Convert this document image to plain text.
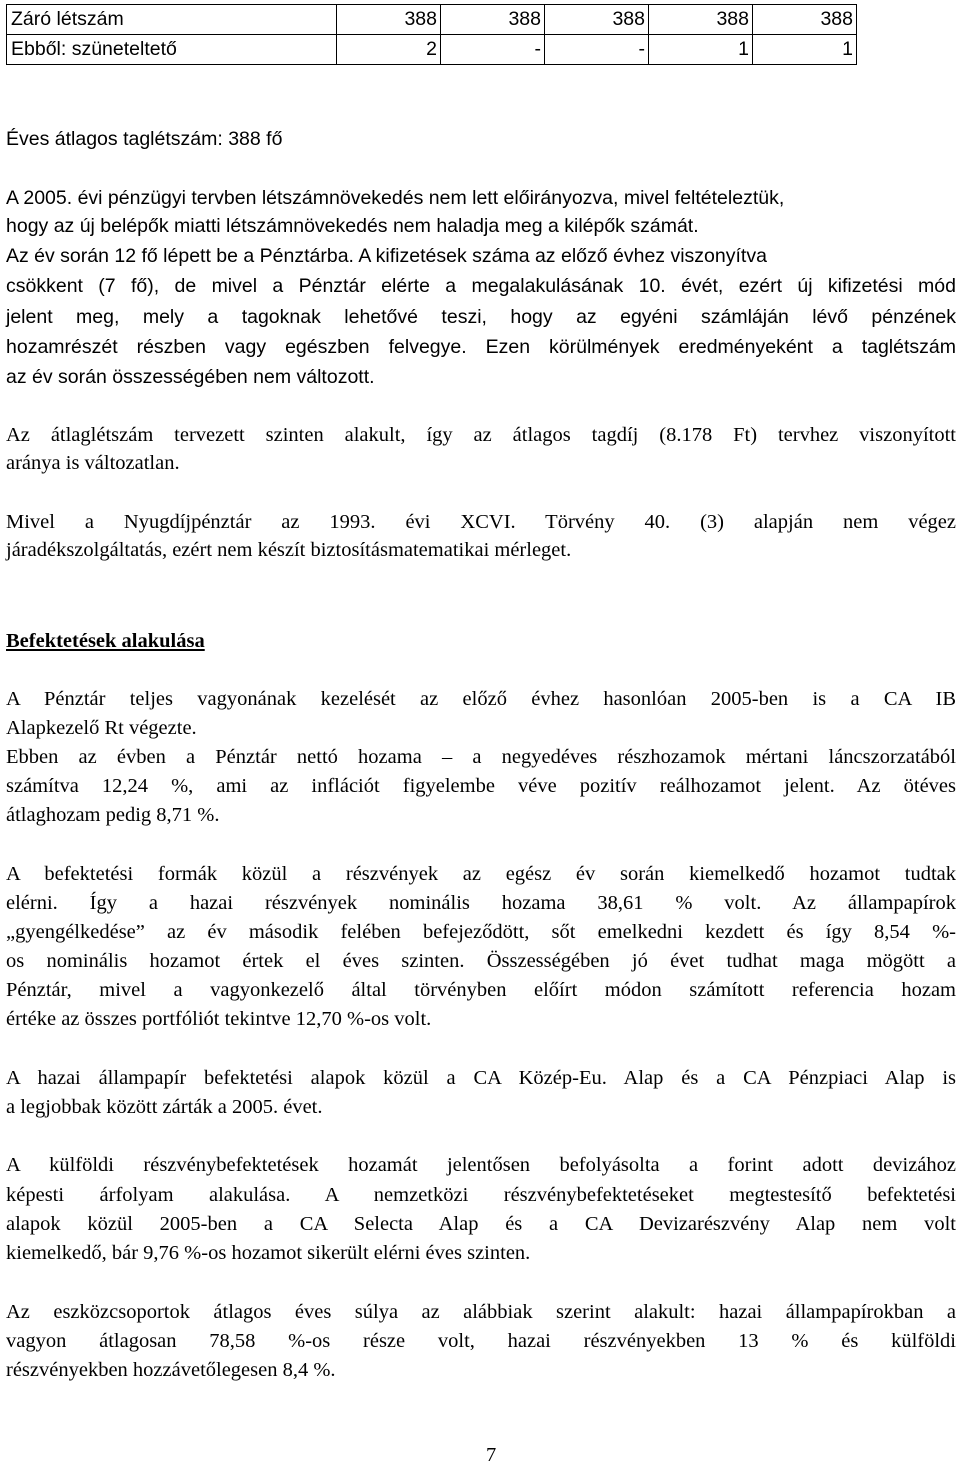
Záró létszám	388	388	388	388	388
Ebből: szüneteltető	2	-	-	1	1
Éves átlagos taglétszám: 388 fő
A 2005. évi pénzügyi tervben létszámnövekedés nem lett előirányozva, mivel feltételeztük,
hogy az új belépők miatti létszámnövekedés nem haladja meg a kilépők számát.
Az év során 12 fő lépett be a Pénztárba. A kifizetések száma az előző évhez viszonyítva
csökkent (7 fő), de mivel a Pénztár elérte a megalakulásának 10. évét, ezért új kifizetési mód
jelent meg, mely a tagoknak lehetővé teszi, hogy az egyéni számláján lévő pénzének
hozamrészét részben vagy egészben felvegye. Ezen körülmények eredményeként a taglétszám
az év során összességében nem változott.
Az átlaglétszám tervezett szinten alakult, így az átlagos tagdíj (8.178 Ft) tervhez viszonyított
aránya is változatlan.
Mivel a Nyugdíjpénztár az 1993. évi XCVI. Törvény 40. (3) alapján nem végez
járadékszolgáltatás, ezért nem készít biztosításmatematikai mérleget.
Befektetések alakulása
A Pénztár teljes vagyonának kezelését az előző évhez hasonlóan 2005-ben is a CA IB
Alapkezelő Rt végezte.
Ebben az évben a Pénztár nettó hozama – a negyedéves részhozamok mértani láncszorzatából
számítva 12,24 %, ami az inflációt figyelembe véve pozitív reálhozamot jelent. Az ötéves
átlaghozam pedig 8,71 %.
A befektetési formák közül a részvények az egész év során kiemelkedő hozamot tudtak
elérni. Így a hazai részvények nominális hozama 38,61 % volt. Az állampapírok
„gyengélkedése” az év második felében befejeződött, sőt emelkedni kezdett és így 8,54 %-
os nominális hozamot értek el éves szinten. Összességében jó évet tudhat maga mögött a
Pénztár, mivel a vagyonkezelő által törvényben előírt módon számított referencia hozam
értéke az összes portfóliót tekintve 12,70 %-os volt.
A hazai állampapír befektetési alapok közül a CA Közép-Eu. Alap és a CA Pénzpiaci Alap is
a legjobbak között zárták a 2005. évet.
A külföldi részvénybefektetések hozamát jelentősen befolyásolta a forint adott devizához
képesti árfolyam alakulása. A nemzetközi részvénybefektetéseket megtestesítő befektetési
alapok közül 2005-ben a CA Selecta Alap és a CA Devizarészvény Alap nem volt
kiemelkedő, bár 9,76 %-os hozamot sikerült elérni éves szinten.
Az eszközcsoportok átlagos éves súlya az alábbiak szerint alakult: hazai állampapírokban a
vagyon átlagosan 78,58 %-os része volt, hazai részvényekben 13 % és külföldi
részvényekben hozzávetőlegesen 8,4 %.
7
